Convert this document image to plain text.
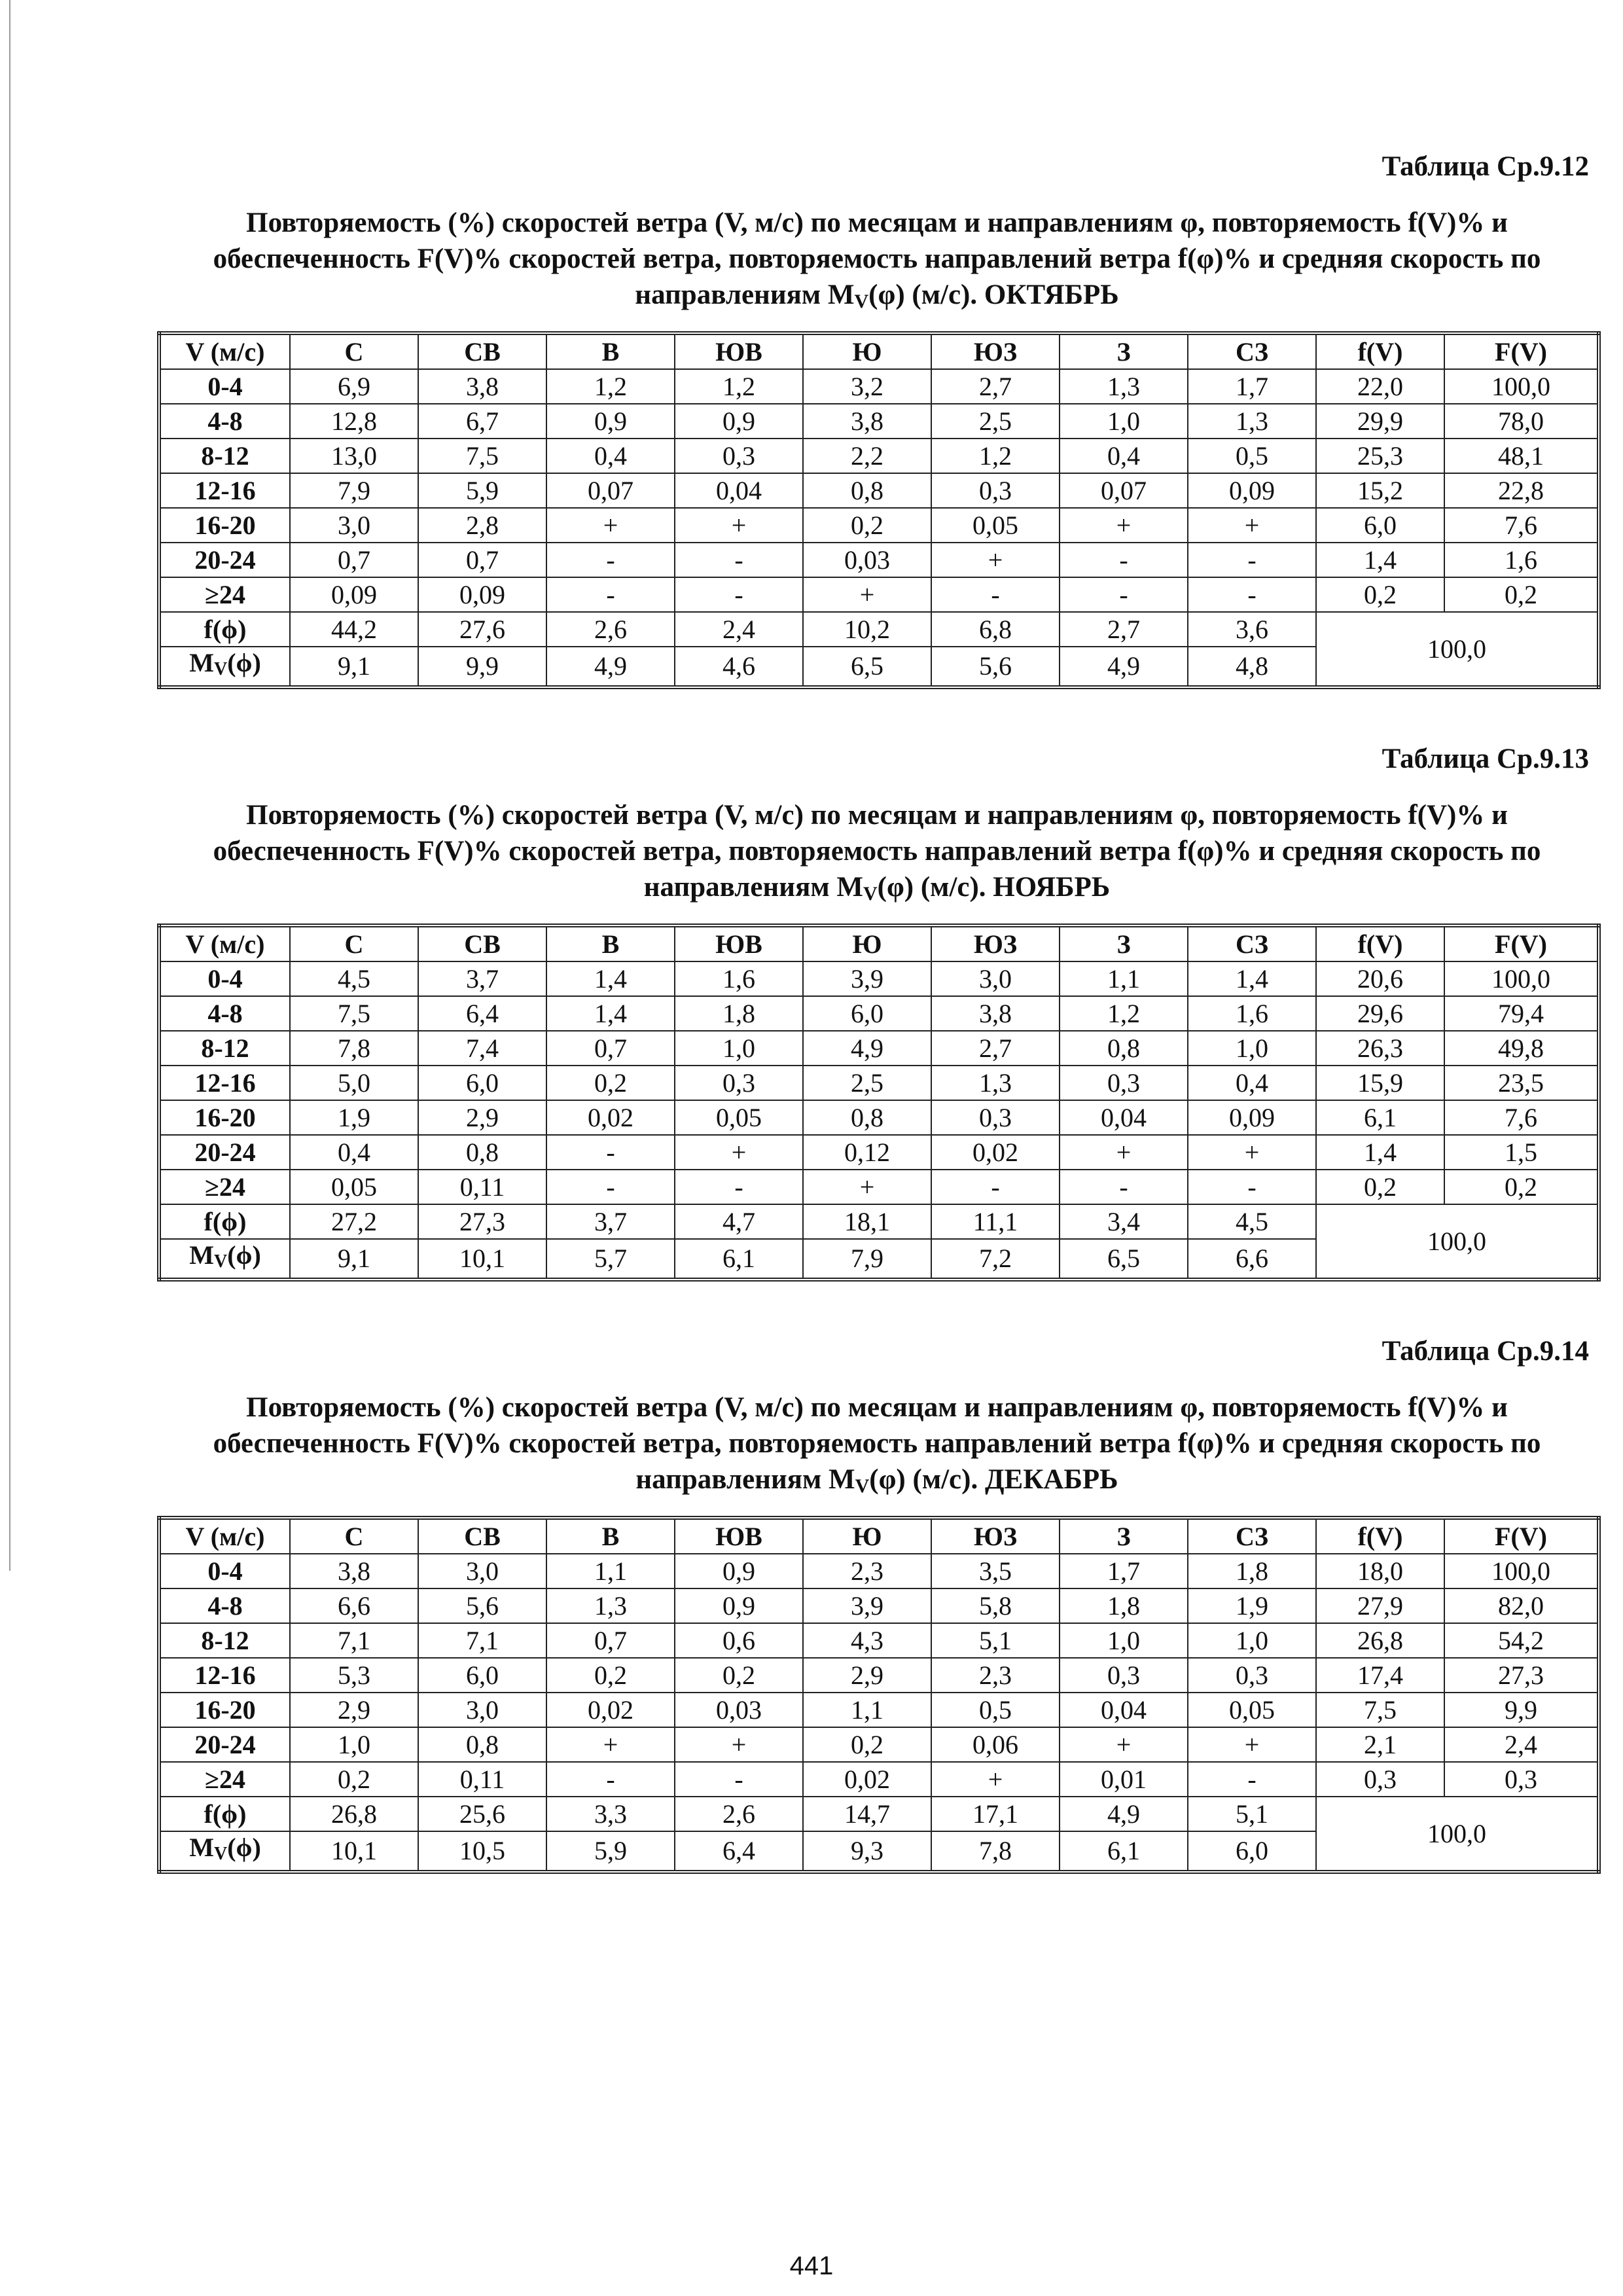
Таблица Ср.9.12
Повторяемость (%) скоростей ветра (V, м/с) по месяцам и направлениям φ, повторяемость f(V)% и обеспеченность F(V)% скоростей ветра, повторяемость направлений ветра f(φ)% и средняя скорость по направлениям $M_V(\varphi)$ (м/с). ОКТЯБРЬ
V (м/с)	С	СВ	В	ЮВ	Ю	ЮЗ	З	СЗ	f(V)	F(V)
0-4	6,9	3,8	1,2	1,2	3,2	2,7	1,3	1,7	22,0	100,0
4-8	12,8	6,7	0,9	0,9	3,8	2,5	1,0	1,3	29,9	78,0
8-12	13,0	7,5	0,4	0,3	2,2	1,2	0,4	0,5	25,3	48,1
12-16	7,9	5,9	0,07	0,04	0,8	0,3	0,07	0,09	15,2	22,8
16-20	3,0	2,8	+	+	0,2	0,05	+	+	6,0	7,6
20-24	0,7	0,7	-	-	0,03	+	-	-	1,4	1,6
≥24	0,09	0,09	-	-	+	-	-	-	0,2	0,2
f(ϕ)	44,2	27,6	2,6	2,4	10,2	6,8	2,7	3,6	100,0	
MV(ϕ)	9,1	9,9	4,9	4,6	6,5	5,6	4,9	4,8		
Таблица Ср.9.13
Повторяемость (%) скоростей ветра (V, м/с) по месяцам и направлениям φ, повторяемость f(V)% и обеспеченность F(V)% скоростей ветра, повторяемость направлений ветра f(φ)% и средняя скорость по направлениям $M_V(\varphi)$ (м/с). НОЯБРЬ
V (м/с)	С	СВ	В	ЮВ	Ю	ЮЗ	З	СЗ	f(V)	F(V)
0-4	4,5	3,7	1,4	1,6	3,9	3,0	1,1	1,4	20,6	100,0
4-8	7,5	6,4	1,4	1,8	6,0	3,8	1,2	1,6	29,6	79,4
8-12	7,8	7,4	0,7	1,0	4,9	2,7	0,8	1,0	26,3	49,8
12-16	5,0	6,0	0,2	0,3	2,5	1,3	0,3	0,4	15,9	23,5
16-20	1,9	2,9	0,02	0,05	0,8	0,3	0,04	0,09	6,1	7,6
20-24	0,4	0,8	-	+	0,12	0,02	+	+	1,4	1,5
≥24	0,05	0,11	-	-	+	-	-	-	0,2	0,2
f(ϕ)	27,2	27,3	3,7	4,7	18,1	11,1	3,4	4,5	100,0	
MV(ϕ)	9,1	10,1	5,7	6,1	7,9	7,2	6,5	6,6		
Таблица Ср.9.14
Повторяемость (%) скоростей ветра (V, м/с) по месяцам и направлениям φ, повторяемость f(V)% и обеспеченность F(V)% скоростей ветра, повторяемость направлений ветра f(φ)% и средняя скорость по направлениям $M_V(\varphi)$ (м/с). ДЕКАБРЬ
V (м/с)	С	СВ	В	ЮВ	Ю	ЮЗ	З	СЗ	f(V)	F(V)
0-4	3,8	3,0	1,1	0,9	2,3	3,5	1,7	1,8	18,0	100,0
4-8	6,6	5,6	1,3	0,9	3,9	5,8	1,8	1,9	27,9	82,0
8-12	7,1	7,1	0,7	0,6	4,3	5,1	1,0	1,0	26,8	54,2
12-16	5,3	6,0	0,2	0,2	2,9	2,3	0,3	0,3	17,4	27,3
16-20	2,9	3,0	0,02	0,03	1,1	0,5	0,04	0,05	7,5	9,9
20-24	1,0	0,8	+	+	0,2	0,06	+	+	2,1	2,4
≥24	0,2	0,11	-	-	0,02	+	0,01	-	0,3	0,3
f(ϕ)	26,8	25,6	3,3	2,6	14,7	17,1	4,9	5,1	100,0	
MV(ϕ)	10,1	10,5	5,9	6,4	9,3	7,8	6,1	6,0		
441
